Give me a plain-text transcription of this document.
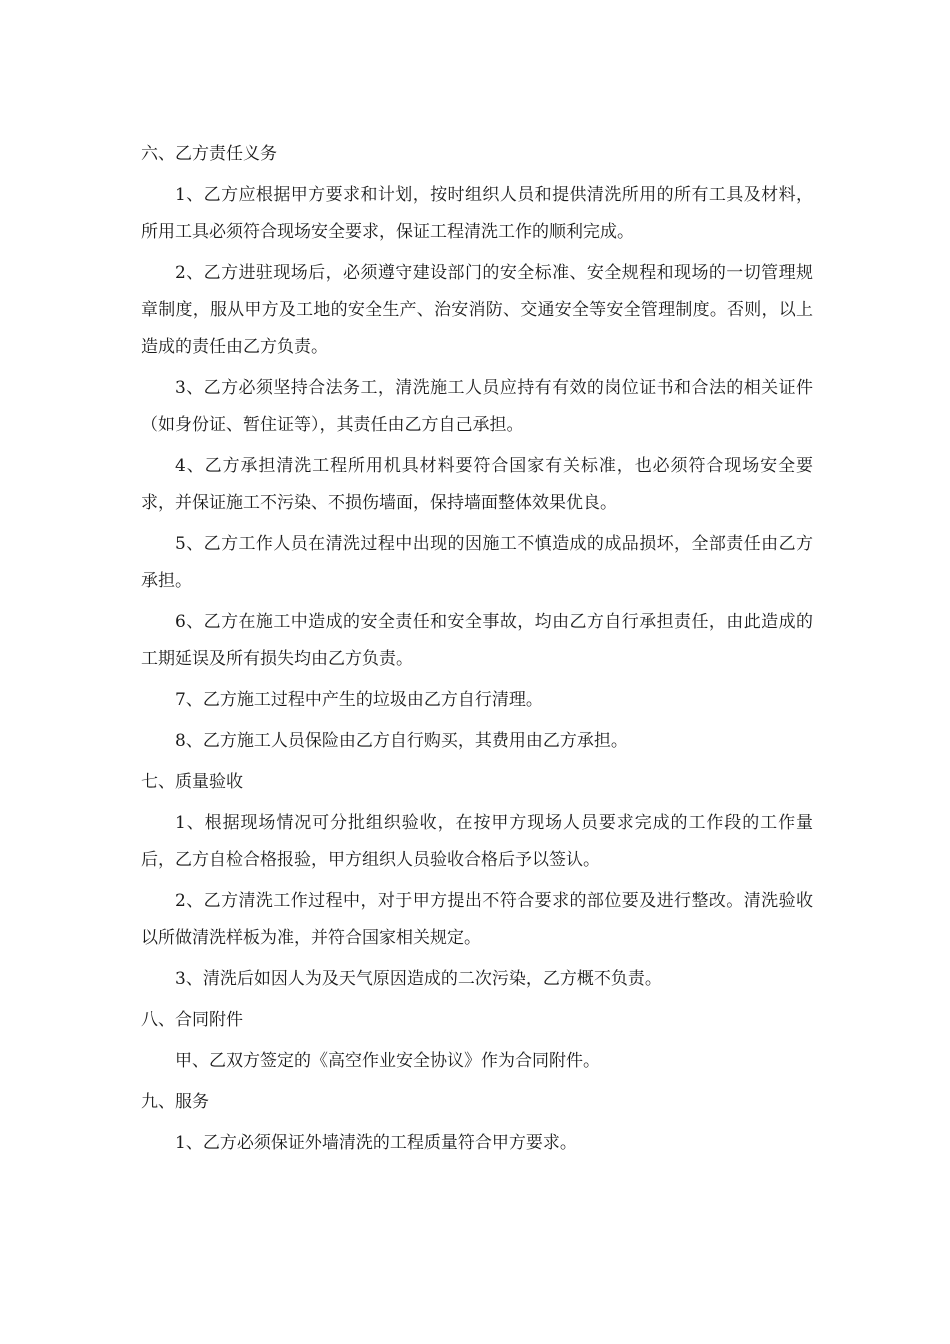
六、乙方责任义务

1、乙方应根据甲方要求和计划，按时组织人员和提供清洗所用的所有工具及材料，所用工具必须符合现场安全要求，保证工程清洗工作的顺利完成。

2、乙方进驻现场后，必须遵守建设部门的安全标准、安全规程和现场的一切管理规章制度，服从甲方及工地的安全生产、治安消防、交通安全等安全管理制度。否则，以上造成的责任由乙方负责。

3、乙方必须坚持合法务工，清洗施工人员应持有有效的岗位证书和合法的相关证件（如身份证、暂住证等），其责任由乙方自己承担。

4、乙方承担清洗工程所用机具材料要符合国家有关标准，也必须符合现场安全要求，并保证施工不污染、不损伤墙面，保持墙面整体效果优良。

5、乙方工作人员在清洗过程中出现的因施工不慎造成的成品损坏，全部责任由乙方承担。

6、乙方在施工中造成的安全责任和安全事故，均由乙方自行承担责任，由此造成的工期延误及所有损失均由乙方负责。

7、乙方施工过程中产生的垃圾由乙方自行清理。

8、乙方施工人员保险由乙方自行购买，其费用由乙方承担。

七、质量验收

1、根据现场情况可分批组织验收，在按甲方现场人员要求完成的工作段的工作量后，乙方自检合格报验，甲方组织人员验收合格后予以签认。

2、乙方清洗工作过程中，对于甲方提出不符合要求的部位要及进行整改。清洗验收以所做清洗样板为准，并符合国家相关规定。

3、清洗后如因人为及天气原因造成的二次污染，乙方概不负责。

八、合同附件

甲、乙双方签定的《高空作业安全协议》作为合同附件。

九、服务

1、乙方必须保证外墙清洗的工程质量符合甲方要求。
